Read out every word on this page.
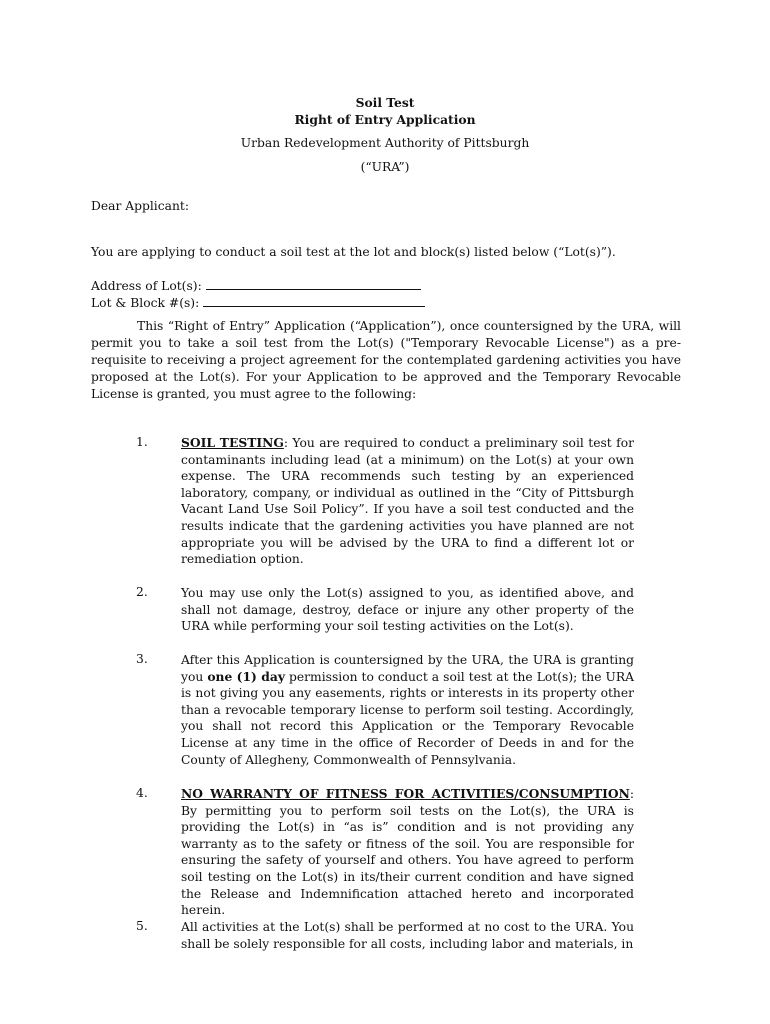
Soil Test
Right of Entry Application
Urban Redevelopment Authority of Pittsburgh
(“URA”)
Dear Applicant:
You are applying to conduct a soil test at the lot and block(s) listed below (“Lot(s)”).
Address of Lot(s):
Lot & Block #(s):
This “Right of Entry” Application (“Application”), once countersigned by the URA, will permit you to take a soil test from the Lot(s) ("Temporary Revocable License") as a pre-requisite to receiving a project agreement for the contemplated gardening activities you have proposed at the Lot(s). For your Application to be approved and the Temporary Revocable License is granted, you must agree to the following:
1.	SOIL TESTING: You are required to conduct a preliminary soil test for contaminants including lead (at a minimum) on the Lot(s) at your own expense. The URA recommends such testing by an experienced laboratory, company, or individual as outlined in the “City of Pittsburgh Vacant Land Use Soil Policy”. If you have a soil test conducted and the results indicate that the gardening activities you have planned are not appropriate you will be advised by the URA to find a different lot or remediation option.
2.	You may use only the Lot(s) assigned to you, as identified above, and shall not damage, destroy, deface or injure any other property of the URA while performing your soil testing activities on the Lot(s).
3.	After this Application is countersigned by the URA, the URA is granting you one (1) day permission to conduct a soil test at the Lot(s); the URA is not giving you any easements, rights or interests in its property other than a revocable temporary license to perform soil testing. Accordingly, you shall not record this Application or the Temporary Revocable License at any time in the office of Recorder of Deeds in and for the County of Allegheny, Commonwealth of Pennsylvania.
4.	NO WARRANTY OF FITNESS FOR ACTIVITIES/CONSUMPTION: By permitting you to perform soil tests on the Lot(s), the URA is providing the Lot(s) in “as is” condition and is not providing any warranty as to the safety or fitness of the soil. You are responsible for ensuring the safety of yourself and others. You have agreed to perform soil testing on the Lot(s) in its/their current condition and have signed the Release and Indemnification attached hereto and incorporated herein.
5.	All activities at the Lot(s) shall be performed at no cost to the URA. You shall be solely responsible for all costs, including labor and materials, in
